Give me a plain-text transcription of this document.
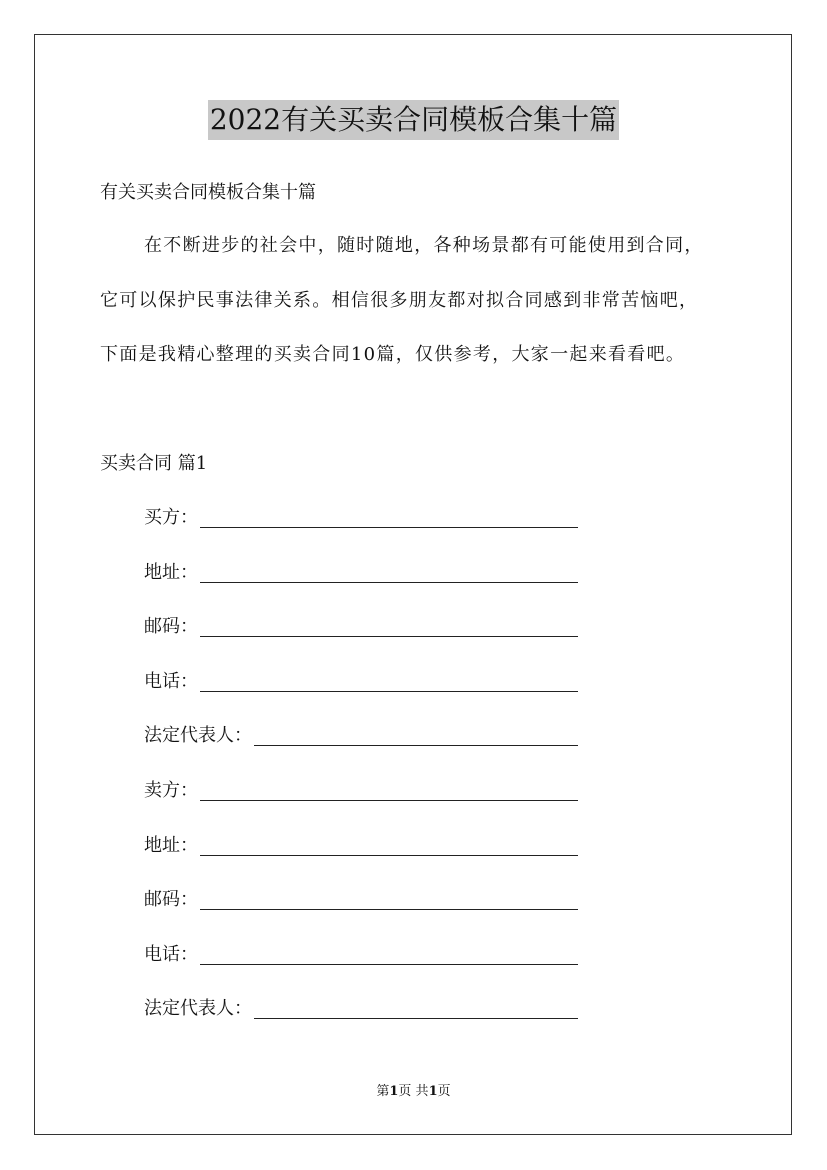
2022有关买卖合同模板合集十篇
有关买卖合同模板合集十篇
在不断进步的社会中，随时随地，各种场景都有可能使用到合同，
它可以保护民事法律关系。相信很多朋友都对拟合同感到非常苦恼吧，
下面是我精心整理的买卖合同10篇，仅供参考，大家一起来看看吧。
买卖合同 篇1
买方：
地址：
邮码：
电话：
法定代表人：
卖方：
地址：
邮码：
电话：
法定代表人：
第1页 共1页
